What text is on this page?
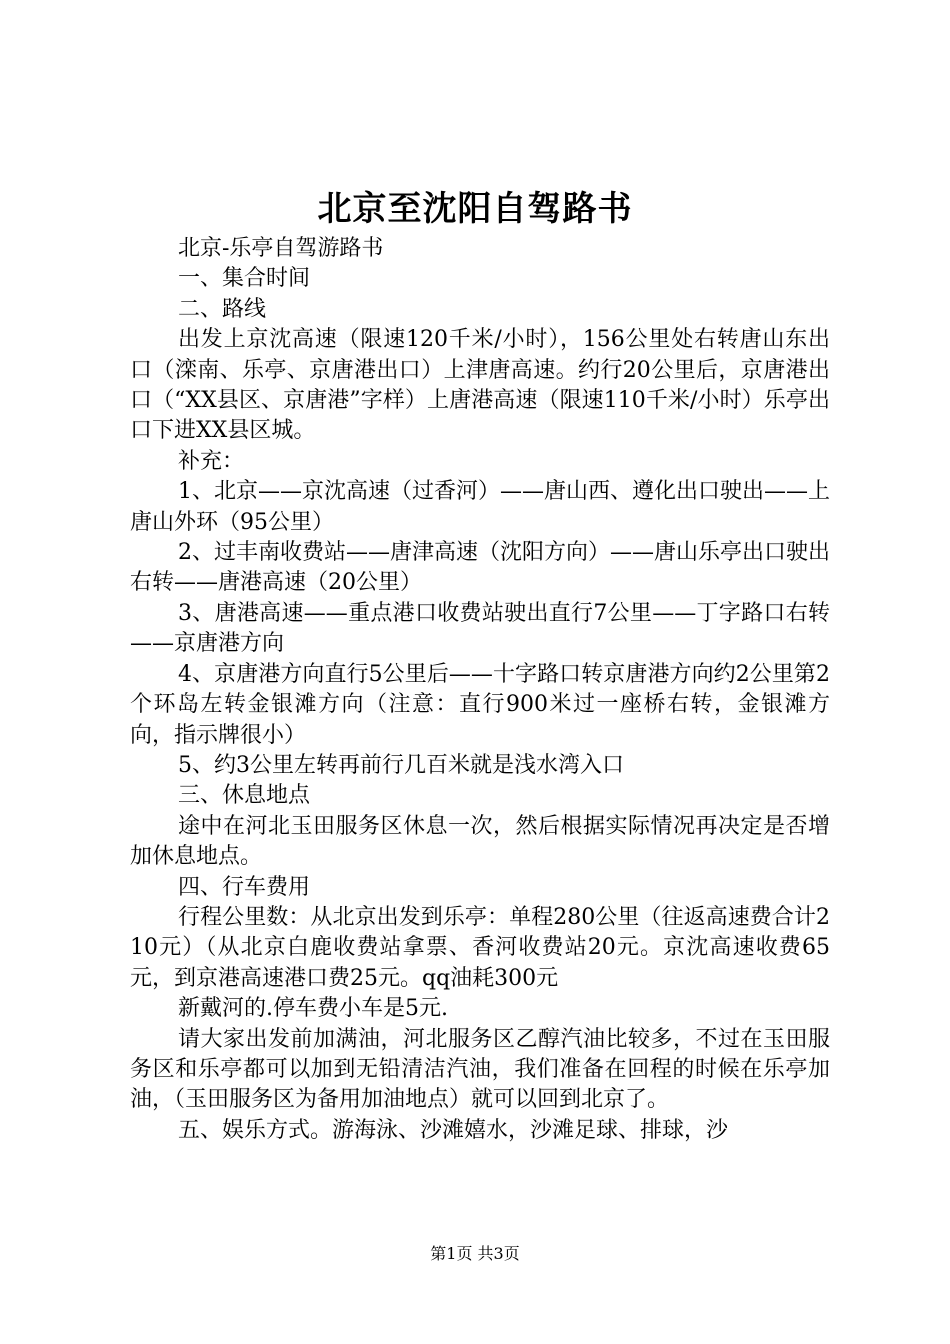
北京至沈阳自驾路书

北京-乐亭自驾游路书

一、集合时间

二、路线

出发上京沈高速（限速120千米/小时），156公里处右转唐山东出口（滦南、乐亭、京唐港出口）上津唐高速。约行20公里后，京唐港出口（“XX县区、京唐港”字样）上唐港高速（限速110千米/小时）乐亭出口下进XX县区城。

补充：

1、北京——京沈高速（过香河）——唐山西、遵化出口驶出——上唐山外环（95公里）

2、过丰南收费站——唐津高速（沈阳方向）——唐山乐亭出口驶出右转——唐港高速（20公里）

3、唐港高速——重点港口收费站驶出直行7公里——丁字路口右转——京唐港方向

4、京唐港方向直行5公里后——十字路口转京唐港方向约2公里第2个环岛左转金银滩方向（注意：直行900米过一座桥右转，金银滩方向，指示牌很小）

5、约3公里左转再前行几百米就是浅水湾入口

三、休息地点

途中在河北玉田服务区休息一次，然后根据实际情况再决定是否增加休息地点。

四、行车费用

行程公里数：从北京出发到乐亭：单程280公里（往返高速费合计210元）（从北京白鹿收费站拿票、香河收费站20元。京沈高速收费65元，到京港高速港口费25元。qq油耗300元

新戴河的.停车费小车是5元.

请大家出发前加满油，河北服务区乙醇汽油比较多，不过在玉田服务区和乐亭都可以加到无铅清洁汽油，我们准备在回程的时候在乐亭加油，（玉田服务区为备用加油地点）就可以回到北京了。

五、娱乐方式。游海泳、沙滩嬉水，沙滩足球、排球，沙

第1页 共3页
